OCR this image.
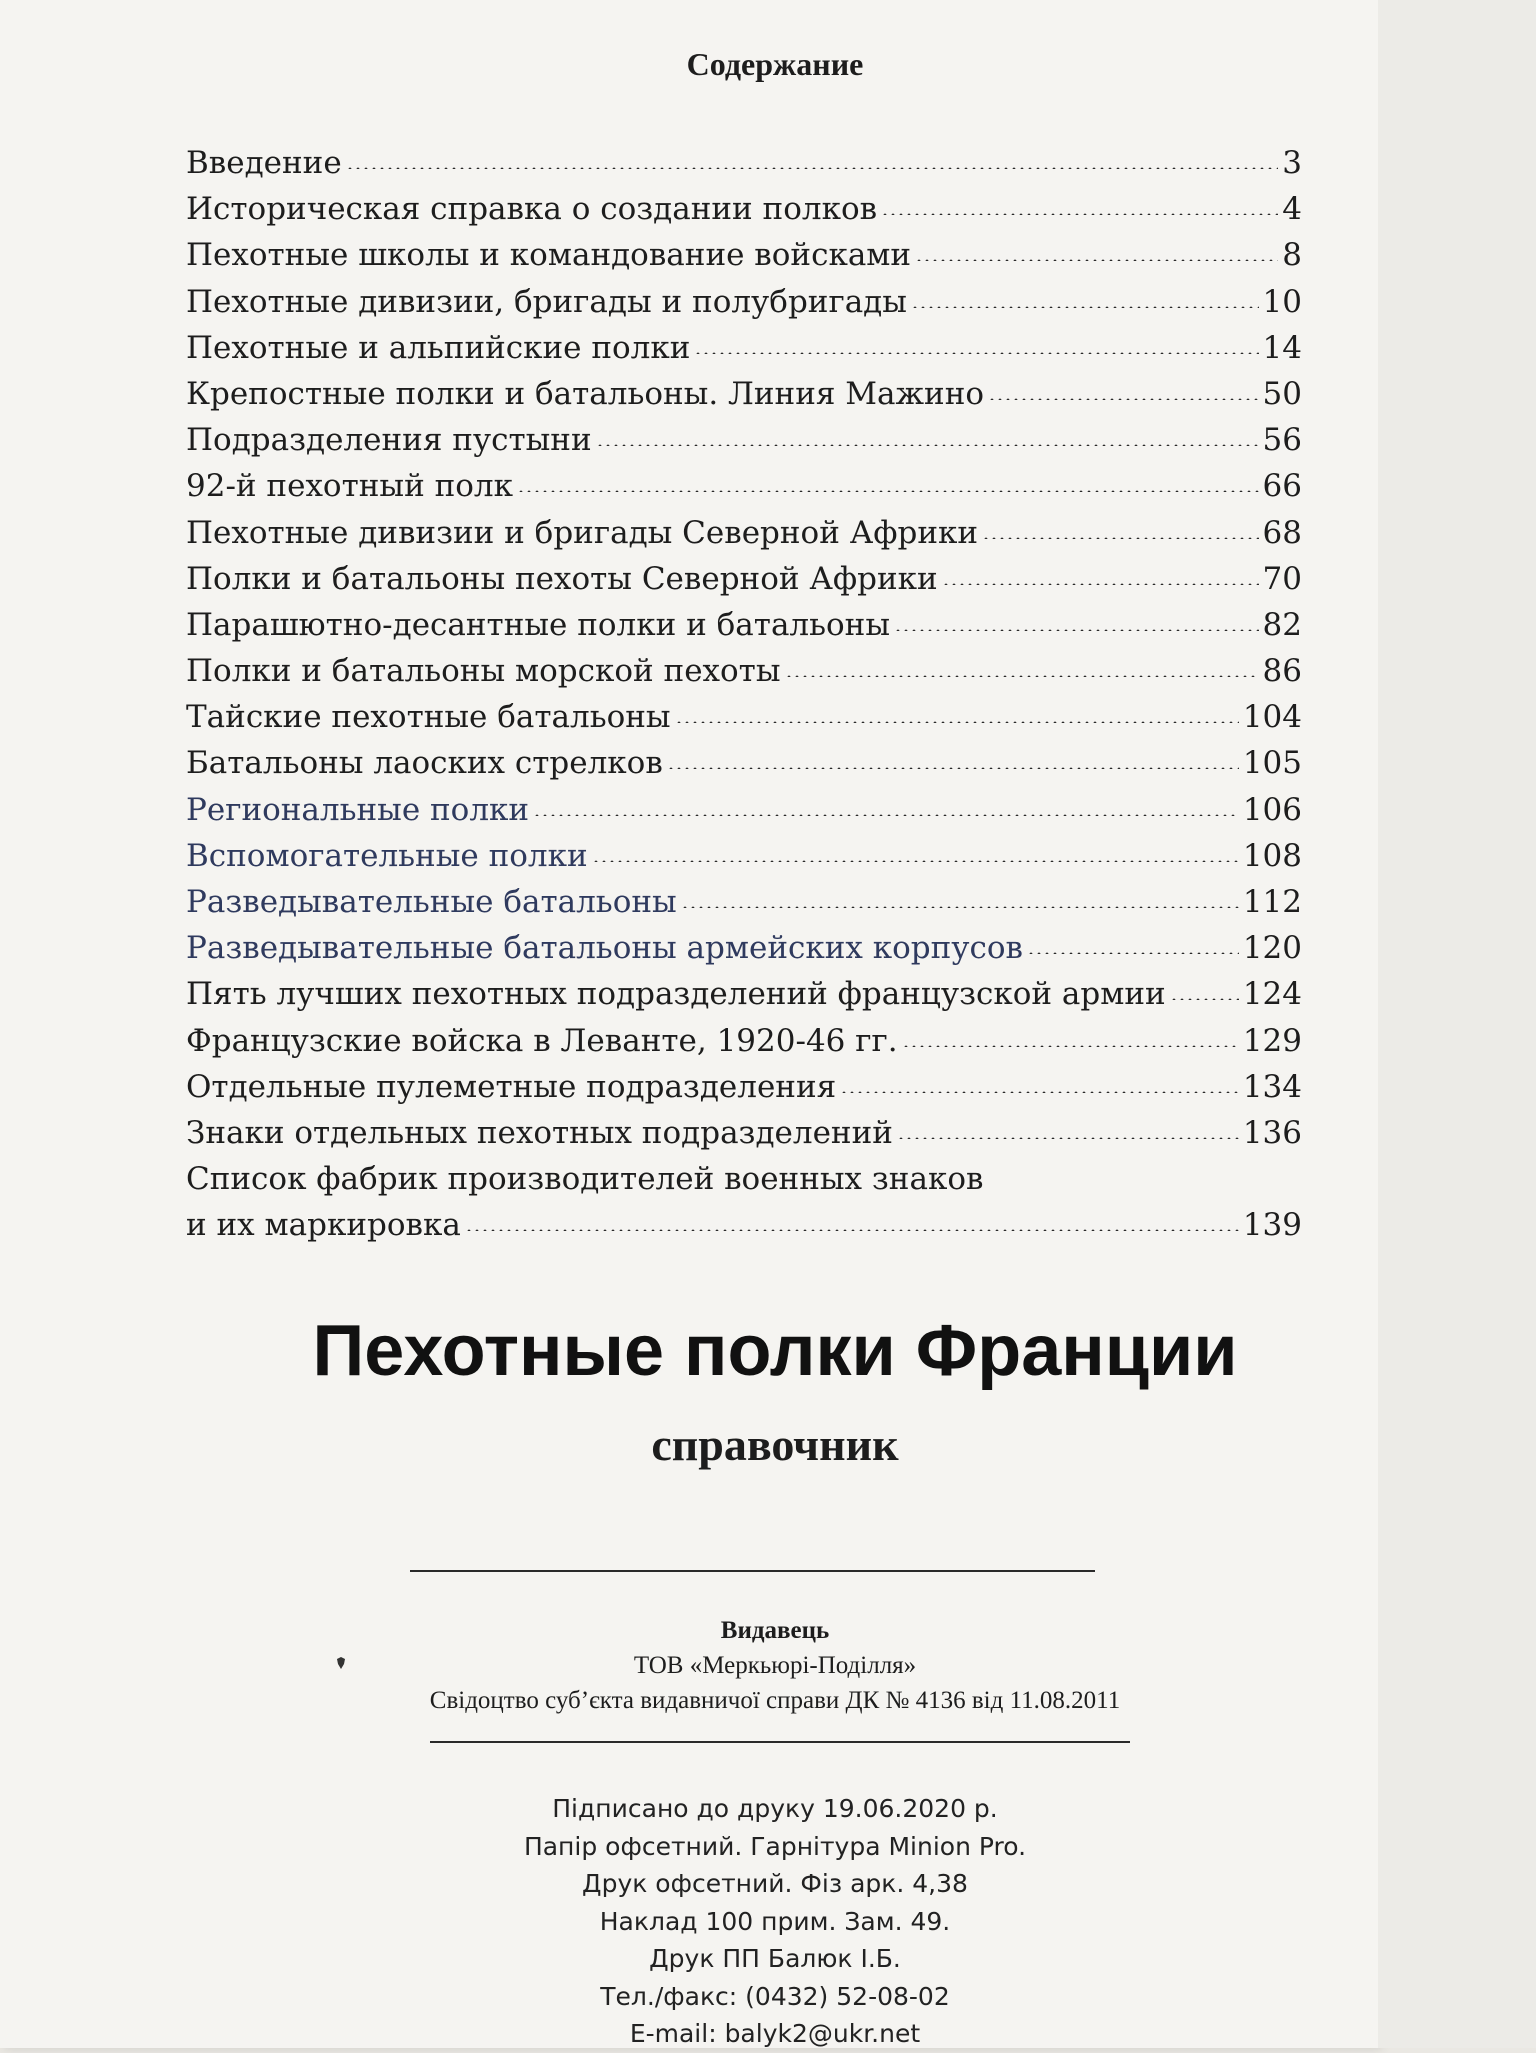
Содержание
Введение	3
Историческая справка о создании полков	4
Пехотные школы и командование войсками	8
Пехотные дивизии, бригады и полубригады	10
Пехотные и альпийские полки	14
Крепостные полки и батальоны. Линия Мажино	50
Подразделения пустыни	56
92-й пехотный полк	66
Пехотные дивизии и бригады Северной Африки	68
Полки и батальоны пехоты Северной Африки	70
Парашютно-десантные полки и батальоны	82
Полки и батальоны морской пехоты	86
Тайские пехотные батальоны	104
Батальоны лаоских стрелков	105
Региональные полки	106
Вспомогательные полки	108
Разведывательные батальоны	112
Разведывательные батальоны армейских корпусов	120
Пять лучших пехотных подразделений французской армии 124
Французские войска в Леванте, 1920-46 гг.	129
Отдельные пулеметные подразделения	134
Знаки отдельных пехотных подразделений	136
Список фабрик производителей военных знаков
и их маркировка	139
Пехотные полки Франции
справочник
Видавець
ТОВ «Меркьюрі-Поділля»
Свідоцтво суб’єкта видавничої справи ДК № 4136 від 11.08.2011
Підписано до друку 19.06.2020 р.
Папір офсетний. Гарнітура Minion Pro.
Друк офсетний. Фіз арк. 4,38
Наклад 100 прим. Зам. 49.
Друк ПП Балюк І.Б.
Тел./факс: (0432) 52-08-02
E-mail: balyk2@ukr.net
